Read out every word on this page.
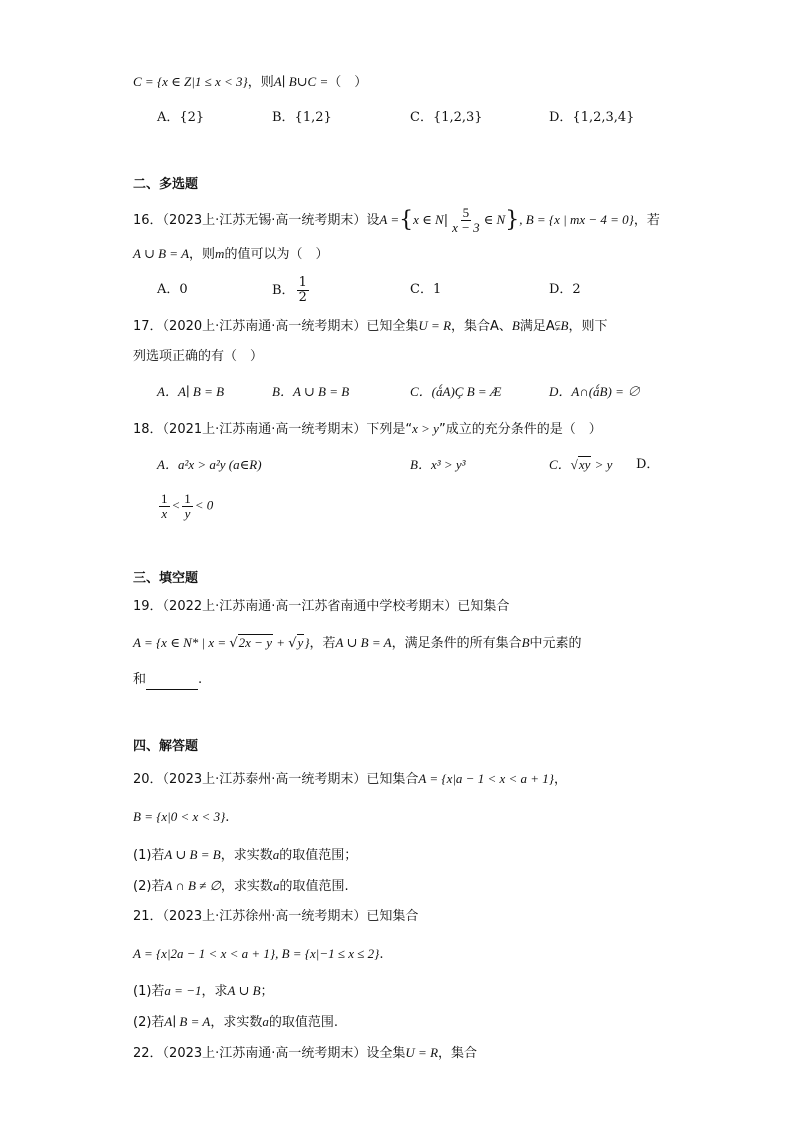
C = {x ∈ Z|1 ≤ x < 3}，则A∣ B∪C =（　）
A．{2}	B．{1,2}	C．{1,2,3}	D．{1,2,3,4}
二、多选题
16．（2023上·江苏无锡·高一统考期末）设A ={x ∈ $N| \frac{5}{x - 3}$ ∈ N}, B = {x | mx − 4 = 0}，若
A ∪ B = A，则m的值可以为（　）
A．0	B． $\frac{1}{2}$	C．1	D．2
17．（2020上·江苏南通·高一统考期末）已知全集U = R，集合A、B满足A⫋B，则下
列选项正确的有（　）
A．A∣ B = B	B．A ∪ B = B	C．(ǻA)Ç B = Æ	D．A∩(ǻB) = ∅
18．（2021上·江苏南通·高一统考期末）下列是“x > y”成立的充分条件的是（　）
A．a²x > a²y (a∈R)	B．x³ > y³	C．√xy > y D．
$\frac{1}{x} < \frac{1}{y} < 0$
三、填空题
19．（2022上·江苏南通·高一江苏省南通中学校考期末）已知集合
A = {x ∈ N* | x = √2x − y + √y}，若A ∪ B = A，满足条件的所有集合B中元素的
和	.
四、解答题
20．（2023上·江苏泰州·高一统考期末）已知集合A = {x|a − 1 < x < a + 1}，
B = {x|0 < x < 3}.
(1)若A ∪ B = B，求实数a的取值范围；
(2)若A ∩ B ≠ ∅，求实数a的取值范围.
21．（2023上·江苏徐州·高一统考期末）已知集合
A = {x|2a − 1 < x < a + 1}, B = {x|−1 ≤ x ≤ 2}.
(1)若a = −1，求A ∪ B；
(2)若A∣ B = A，求实数a的取值范围.
22．（2023上·江苏南通·高一统考期末）设全集U = R，集合
